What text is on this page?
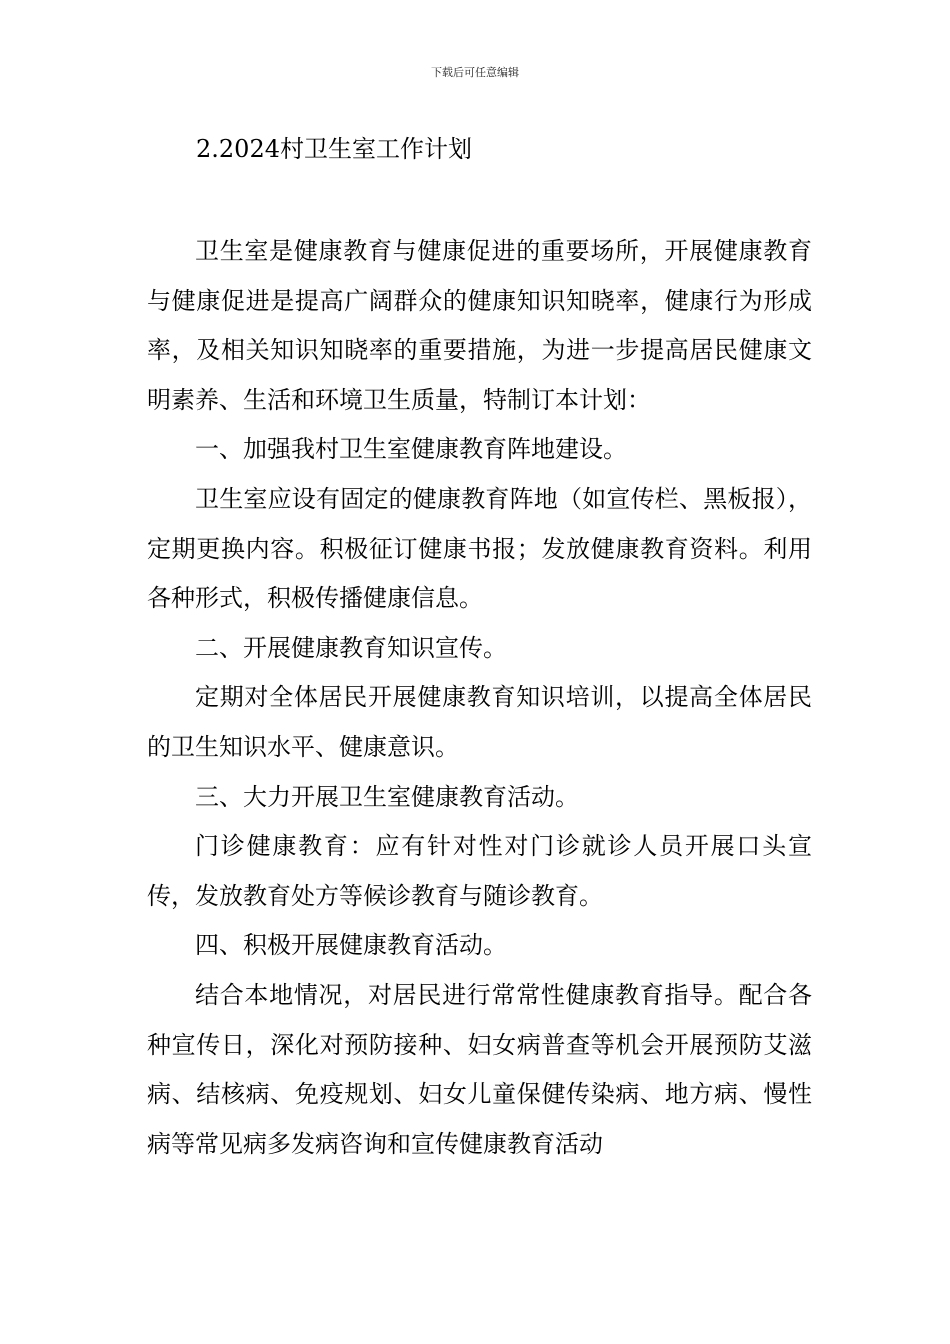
下载后可任意编辑
2.2024村卫生室工作计划

卫生室是健康教育与健康促进的重要场所，开展健康教育与健康促进是提高广阔群众的健康知识知晓率，健康行为形成率，及相关知识知晓率的重要措施，为进一步提高居民健康文明素养、生活和环境卫生质量，特制订本计划：

一、加强我村卫生室健康教育阵地建设。

卫生室应设有固定的健康教育阵地（如宣传栏、黑板报），定期更换内容。积极征订健康书报；发放健康教育资料。利用各种形式，积极传播健康信息。

二、开展健康教育知识宣传。

定期对全体居民开展健康教育知识培训，以提高全体居民的卫生知识水平、健康意识。

三、大力开展卫生室健康教育活动。

门诊健康教育：应有针对性对门诊就诊人员开展口头宣传，发放教育处方等候诊教育与随诊教育。

四、积极开展健康教育活动。

结合本地情况，对居民进行常常性健康教育指导。配合各种宣传日，深化对预防接种、妇女病普查等机会开展预防艾滋病、结核病、免疫规划、妇女儿童保健传染病、地方病、慢性病等常见病多发病咨询和宣传健康教育活动
